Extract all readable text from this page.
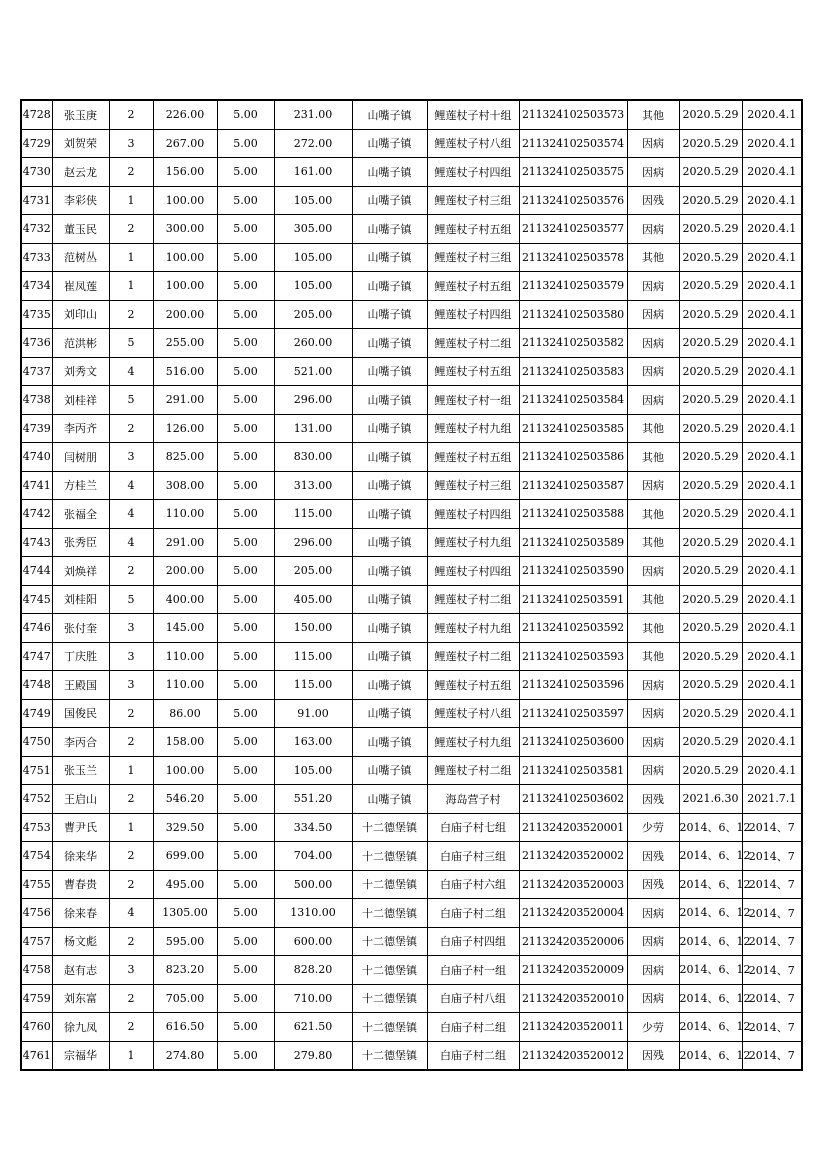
4728	张玉庚	2	226.00	5.00	231.00	山嘴子镇	鲤莲杖子村十组	211324102503573	其他	2020.5.29	2020.4.1
4729	刘贺荣	3	267.00	5.00	272.00	山嘴子镇	鲤莲杖子村八组	211324102503574	因病	2020.5.29	2020.4.1
4730	赵云龙	2	156.00	5.00	161.00	山嘴子镇	鲤莲杖子村四组	211324102503575	因病	2020.5.29	2020.4.1
4731	李彩侠	1	100.00	5.00	105.00	山嘴子镇	鲤莲杖子村三组	211324102503576	因残	2020.5.29	2020.4.1
4732	董玉民	2	300.00	5.00	305.00	山嘴子镇	鲤莲杖子村五组	211324102503577	因病	2020.5.29	2020.4.1
4733	范树丛	1	100.00	5.00	105.00	山嘴子镇	鲤莲杖子村三组	211324102503578	其他	2020.5.29	2020.4.1
4734	崔凤莲	1	100.00	5.00	105.00	山嘴子镇	鲤莲杖子村五组	211324102503579	因病	2020.5.29	2020.4.1
4735	刘印山	2	200.00	5.00	205.00	山嘴子镇	鲤莲杖子村四组	211324102503580	因病	2020.5.29	2020.4.1
4736	范洪彬	5	255.00	5.00	260.00	山嘴子镇	鲤莲杖子村二组	211324102503582	因病	2020.5.29	2020.4.1
4737	刘秀文	4	516.00	5.00	521.00	山嘴子镇	鲤莲杖子村五组	211324102503583	因病	2020.5.29	2020.4.1
4738	刘桂祥	5	291.00	5.00	296.00	山嘴子镇	鲤莲杖子村一组	211324102503584	因病	2020.5.29	2020.4.1
4739	李丙齐	2	126.00	5.00	131.00	山嘴子镇	鲤莲杖子村九组	211324102503585	其他	2020.5.29	2020.4.1
4740	闫树朋	3	825.00	5.00	830.00	山嘴子镇	鲤莲杖子村五组	211324102503586	其他	2020.5.29	2020.4.1
4741	方桂兰	4	308.00	5.00	313.00	山嘴子镇	鲤莲杖子村三组	211324102503587	因病	2020.5.29	2020.4.1
4742	张福全	4	110.00	5.00	115.00	山嘴子镇	鲤莲杖子村四组	211324102503588	其他	2020.5.29	2020.4.1
4743	张秀臣	4	291.00	5.00	296.00	山嘴子镇	鲤莲杖子村九组	211324102503589	其他	2020.5.29	2020.4.1
4744	刘焕祥	2	200.00	5.00	205.00	山嘴子镇	鲤莲杖子村四组	211324102503590	因病	2020.5.29	2020.4.1
4745	刘桂阳	5	400.00	5.00	405.00	山嘴子镇	鲤莲杖子村二组	211324102503591	其他	2020.5.29	2020.4.1
4746	张付奎	3	145.00	5.00	150.00	山嘴子镇	鲤莲杖子村九组	211324102503592	其他	2020.5.29	2020.4.1
4747	丁庆胜	3	110.00	5.00	115.00	山嘴子镇	鲤莲杖子村二组	211324102503593	其他	2020.5.29	2020.4.1
4748	王殿国	3	110.00	5.00	115.00	山嘴子镇	鲤莲杖子村五组	211324102503596	因病	2020.5.29	2020.4.1
4749	国俊民	2	86.00	5.00	91.00	山嘴子镇	鲤莲杖子村八组	211324102503597	因病	2020.5.29	2020.4.1
4750	李丙合	2	158.00	5.00	163.00	山嘴子镇	鲤莲杖子村九组	211324102503600	因病	2020.5.29	2020.4.1
4751	张玉兰	1	100.00	5.00	105.00	山嘴子镇	鲤莲杖子村二组	211324102503581	因病	2020.5.29	2020.4.1
4752	王启山	2	546.20	5.00	551.20	山嘴子镇	海岛营子村	211324102503602	因残	2021.6.30	2021.7.1
4753	曹尹氏	1	329.50	5.00	334.50	十二德堡镇	白庙子村七组	211324203520001	少劳	2014、6、12	2014、7
4754	徐来华	2	699.00	5.00	704.00	十二德堡镇	白庙子村三组	211324203520002	因残	2014、6、12	2014、7
4755	曹春贵	2	495.00	5.00	500.00	十二德堡镇	白庙子村六组	211324203520003	因残	2014、6、12	2014、7
4756	徐来春	4	1305.00	5.00	1310.00	十二德堡镇	白庙子村二组	211324203520004	因病	2014、6、12	2014、7
4757	杨文彪	2	595.00	5.00	600.00	十二德堡镇	白庙子村四组	211324203520006	因病	2014、6、12	2014、7
4758	赵有志	3	823.20	5.00	828.20	十二德堡镇	白庙子村一组	211324203520009	因病	2014、6、12	2014、7
4759	刘东富	2	705.00	5.00	710.00	十二德堡镇	白庙子村八组	211324203520010	因病	2014、6、12	2014、7
4760	徐九凤	2	616.50	5.00	621.50	十二德堡镇	白庙子村二组	211324203520011	少劳	2014、6、12	2014、7
4761	宗福华	1	274.80	5.00	279.80	十二德堡镇	白庙子村二组	211324203520012	因残	2014、6、12	2014、7
